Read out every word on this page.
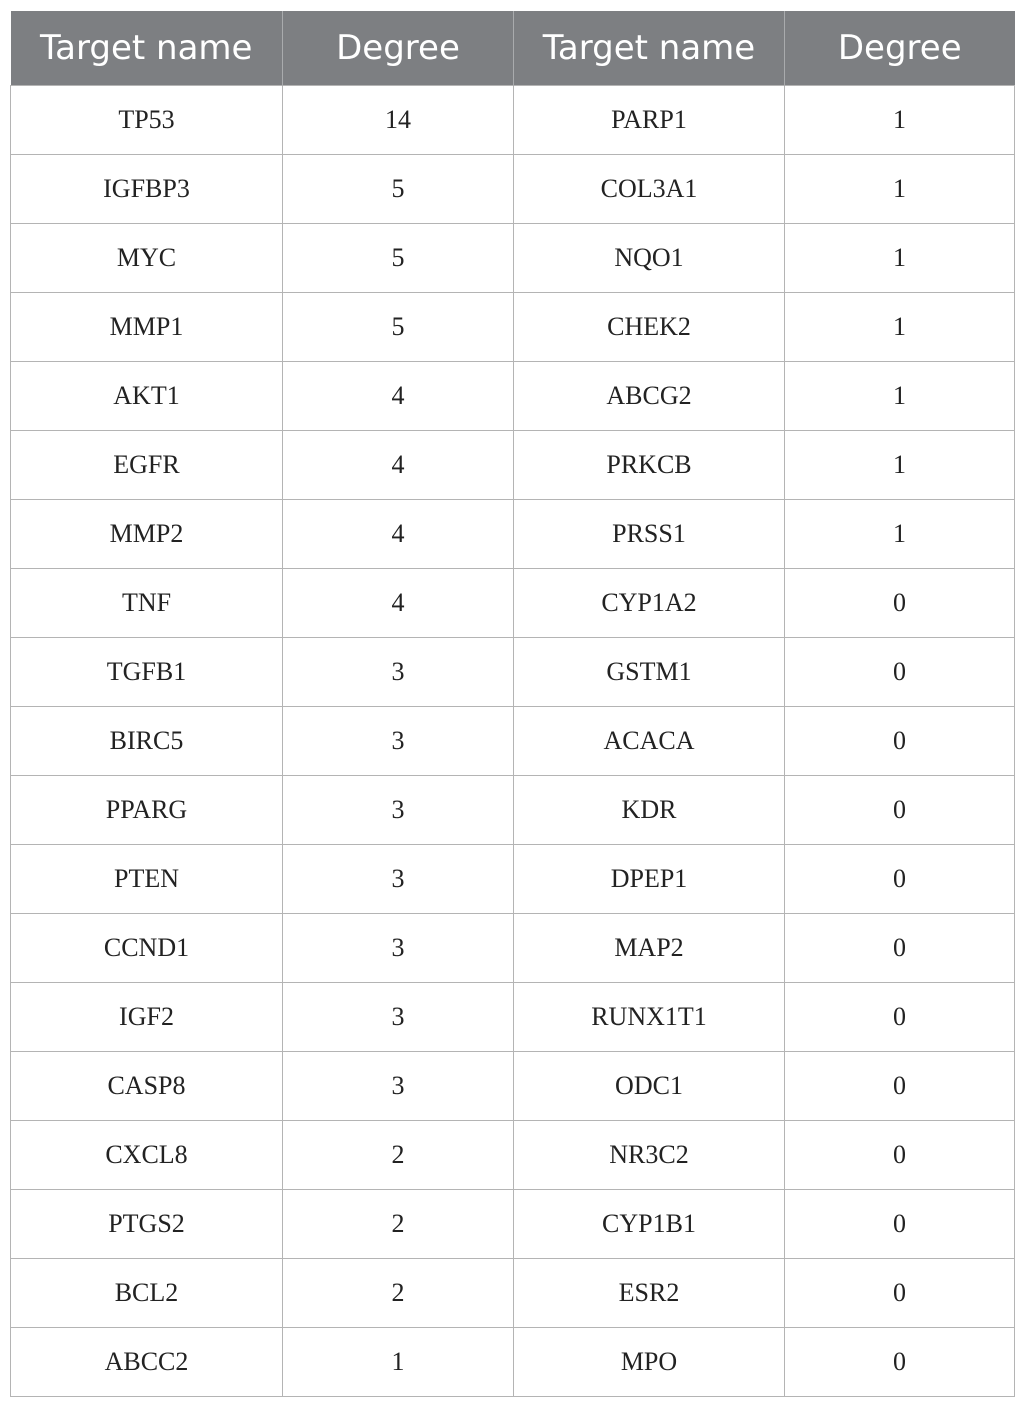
Target name	Degree	Target name	Degree
TP53	14	PARP1	1
IGFBP3	5	COL3A1	1
MYC	5	NQO1	1
MMP1	5	CHEK2	1
AKT1	4	ABCG2	1
EGFR	4	PRKCB	1
MMP2	4	PRSS1	1
TNF	4	CYP1A2	0
TGFB1	3	GSTM1	0
BIRC5	3	ACACA	0
PPARG	3	KDR	0
PTEN	3	DPEP1	0
CCND1	3	MAP2	0
IGF2	3	RUNX1T1	0
CASP8	3	ODC1	0
CXCL8	2	NR3C2	0
PTGS2	2	CYP1B1	0
BCL2	2	ESR2	0
ABCC2	1	MPO	0
